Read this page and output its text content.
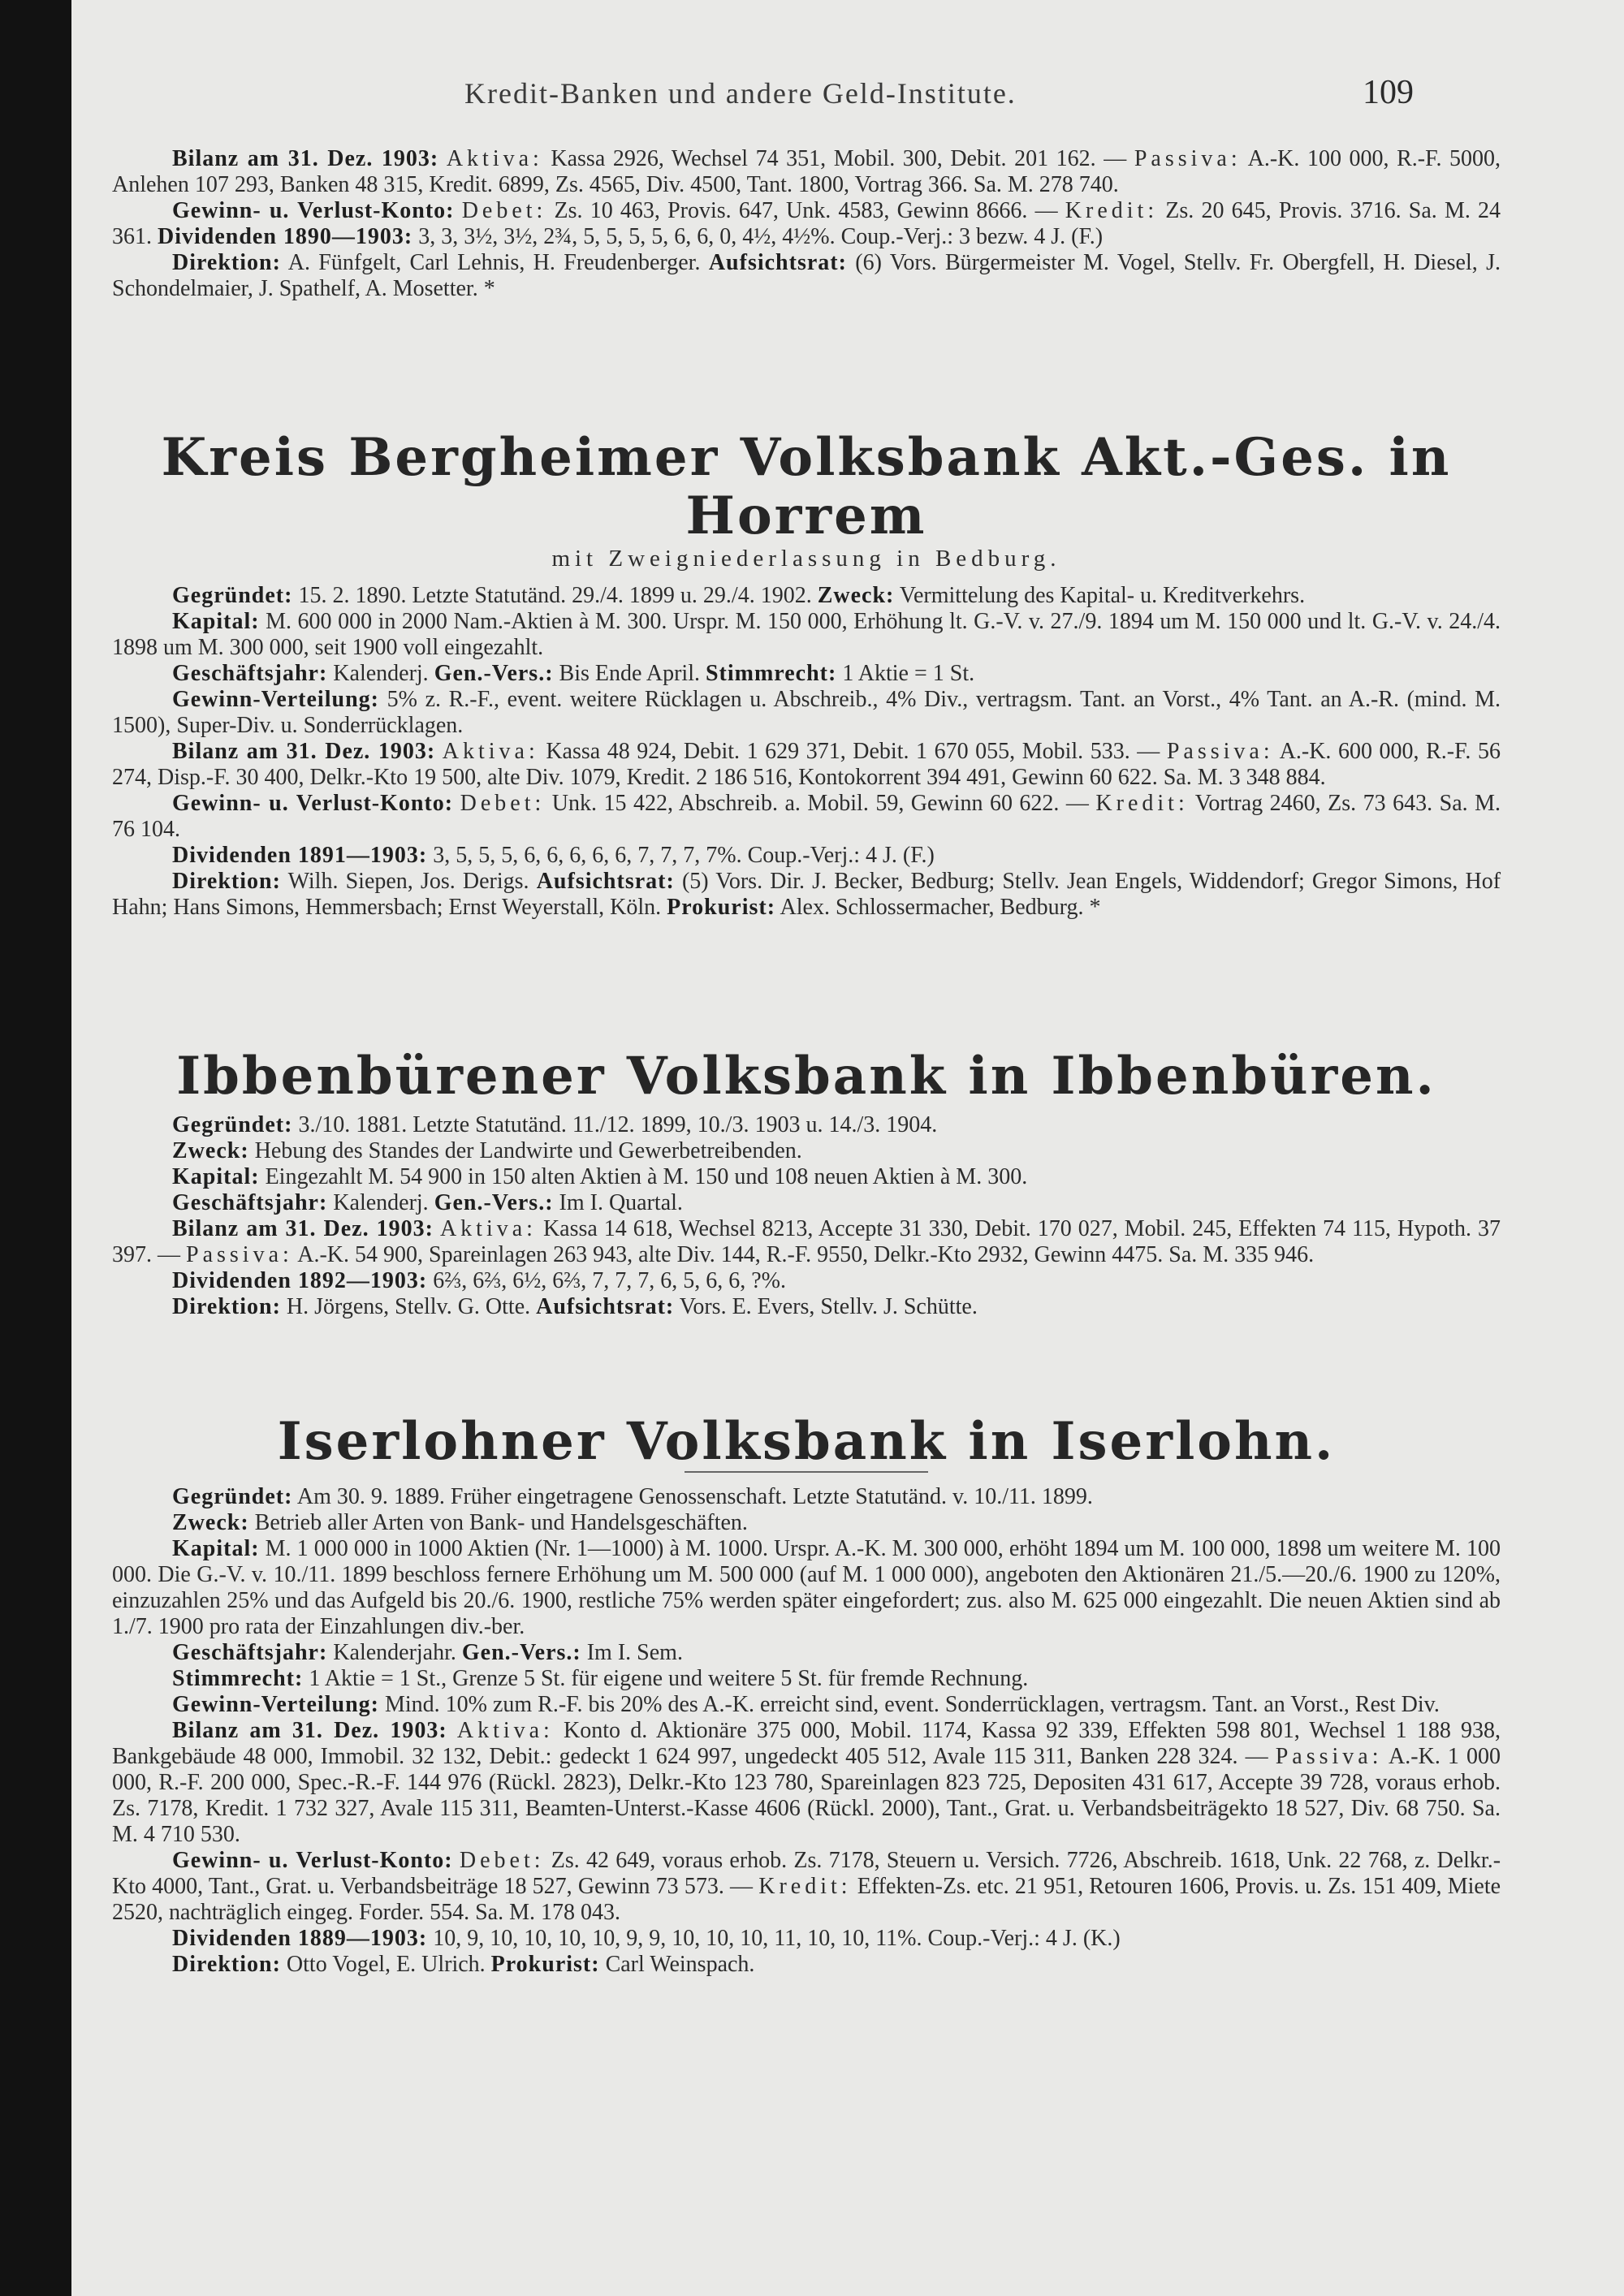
Kredit-Banken und andere Geld-Institute.	109

Bilanz am 31. Dez. 1903: Aktiva: Kassa 2926, Wechsel 74 351, Mobil. 300, Debit. 201 162. — Passiva: A.-K. 100 000, R.-F. 5000, Anlehen 107 293, Banken 48 315, Kredit. 6899, Zs. 4565, Div. 4500, Tant. 1800, Vortrag 366. Sa. M. 278 740.

Gewinn- u. Verlust-Konto: Debet: Zs. 10 463, Provis. 647, Unk. 4583, Gewinn 8666. — Kredit: Zs. 20 645, Provis. 3716. Sa. M. 24 361. Dividenden 1890—1903: 3, 3, 3½, 3½, 2¾, 5, 5, 5, 5, 6, 6, 0, 4½, 4½%. Coup.-Verj.: 3 bezw. 4 J. (F.)

Direktion: A. Fünfgelt, Carl Lehnis, H. Freudenberger. Aufsichtsrat: (6) Vors. Bürgermeister M. Vogel, Stellv. Fr. Obergfell, H. Diesel, J. Schondelmaier, J. Spathelf, A. Mosetter. *

Kreis Bergheimer Volksbank Akt.-Ges. in Horrem

mit Zweigniederlassung in Bedburg.

Gegründet: 15. 2. 1890. Letzte Statutänd. 29./4. 1899 u. 29./4. 1902. Zweck: Vermittelung des Kapital- u. Kreditverkehrs.

Kapital: M. 600 000 in 2000 Nam.-Aktien à M. 300. Urspr. M. 150 000, Erhöhung lt. G.-V. v. 27./9. 1894 um M. 150 000 und lt. G.-V. v. 24./4. 1898 um M. 300 000, seit 1900 voll eingezahlt.

Geschäftsjahr: Kalenderj. Gen.-Vers.: Bis Ende April. Stimmrecht: 1 Aktie = 1 St.

Gewinn-Verteilung: 5% z. R.-F., event. weitere Rücklagen u. Abschreib., 4% Div., vertragsm. Tant. an Vorst., 4% Tant. an A.-R. (mind. M. 1500), Super-Div. u. Sonderrücklagen.

Bilanz am 31. Dez. 1903: Aktiva: Kassa 48 924, Debit. 1 629 371, Debit. 1 670 055, Mobil. 533. — Passiva: A.-K. 600 000, R.-F. 56 274, Disp.-F. 30 400, Delkr.-Kto 19 500, alte Div. 1079, Kredit. 2 186 516, Kontokorrent 394 491, Gewinn 60 622. Sa. M. 3 348 884.

Gewinn- u. Verlust-Konto: Debet: Unk. 15 422, Abschreib. a. Mobil. 59, Gewinn 60 622. — Kredit: Vortrag 2460, Zs. 73 643. Sa. M. 76 104.

Dividenden 1891—1903: 3, 5, 5, 5, 6, 6, 6, 6, 6, 7, 7, 7, 7%. Coup.-Verj.: 4 J. (F.)

Direktion: Wilh. Siepen, Jos. Derigs. Aufsichtsrat: (5) Vors. Dir. J. Becker, Bedburg; Stellv. Jean Engels, Widdendorf; Gregor Simons, Hof Hahn; Hans Simons, Hemmersbach; Ernst Weyerstall, Köln. Prokurist: Alex. Schlossermacher, Bedburg. *

Ibbenbürener Volksbank in Ibbenbüren.

Gegründet: 3./10. 1881. Letzte Statutänd. 11./12. 1899, 10./3. 1903 u. 14./3. 1904.

Zweck: Hebung des Standes der Landwirte und Gewerbetreibenden.

Kapital: Eingezahlt M. 54 900 in 150 alten Aktien à M. 150 und 108 neuen Aktien à M. 300.

Geschäftsjahr: Kalenderj. Gen.-Vers.: Im I. Quartal.

Bilanz am 31. Dez. 1903: Aktiva: Kassa 14 618, Wechsel 8213, Accepte 31 330, Debit. 170 027, Mobil. 245, Effekten 74 115, Hypoth. 37 397. — Passiva: A.-K. 54 900, Spareinlagen 263 943, alte Div. 144, R.-F. 9550, Delkr.-Kto 2932, Gewinn 4475. Sa. M. 335 946.

Dividenden 1892—1903: 6⅔, 6⅔, 6½, 6⅔, 7, 7, 7, 6, 5, 6, 6, ?%.

Direktion: H. Jörgens, Stellv. G. Otte. Aufsichtsrat: Vors. E. Evers, Stellv. J. Schütte.

Iserlohner Volksbank in Iserlohn.

Gegründet: Am 30. 9. 1889. Früher eingetragene Genossenschaft. Letzte Statutänd. v. 10./11. 1899.

Zweck: Betrieb aller Arten von Bank- und Handelsgeschäften.

Kapital: M. 1 000 000 in 1000 Aktien (Nr. 1—1000) à M. 1000. Urspr. A.-K. M. 300 000, erhöht 1894 um M. 100 000, 1898 um weitere M. 100 000. Die G.-V. v. 10./11. 1899 beschloss fernere Erhöhung um M. 500 000 (auf M. 1 000 000), angeboten den Aktionären 21./5.—20./6. 1900 zu 120%, einzuzahlen 25% und das Aufgeld bis 20./6. 1900, restliche 75% werden später eingefordert; zus. also M. 625 000 eingezahlt. Die neuen Aktien sind ab 1./7. 1900 pro rata der Einzahlungen div.-ber.

Geschäftsjahr: Kalenderjahr. Gen.-Vers.: Im I. Sem.

Stimmrecht: 1 Aktie = 1 St., Grenze 5 St. für eigene und weitere 5 St. für fremde Rechnung.

Gewinn-Verteilung: Mind. 10% zum R.-F. bis 20% des A.-K. erreicht sind, event. Sonderrücklagen, vertragsm. Tant. an Vorst., Rest Div.

Bilanz am 31. Dez. 1903: Aktiva: Konto d. Aktionäre 375 000, Mobil. 1174, Kassa 92 339, Effekten 598 801, Wechsel 1 188 938, Bankgebäude 48 000, Immobil. 32 132, Debit.: gedeckt 1 624 997, ungedeckt 405 512, Avale 115 311, Banken 228 324. — Passiva: A.-K. 1 000 000, R.-F. 200 000, Spec.-R.-F. 144 976 (Rückl. 2823), Delkr.-Kto 123 780, Spareinlagen 823 725, Depositen 431 617, Accepte 39 728, voraus erhob. Zs. 7178, Kredit. 1 732 327, Avale 115 311, Beamten-Unterst.-Kasse 4606 (Rückl. 2000), Tant., Grat. u. Verbandsbeiträgekto 18 527, Div. 68 750. Sa. M. 4 710 530.

Gewinn- u. Verlust-Konto: Debet: Zs. 42 649, voraus erhob. Zs. 7178, Steuern u. Versich. 7726, Abschreib. 1618, Unk. 22 768, z. Delkr.-Kto 4000, Tant., Grat. u. Verbandsbeiträge 18 527, Gewinn 73 573. — Kredit: Effekten-Zs. etc. 21 951, Retouren 1606, Provis. u. Zs. 151 409, Miete 2520, nachträglich eingeg. Forder. 554. Sa. M. 178 043.

Dividenden 1889—1903: 10, 9, 10, 10, 10, 10, 9, 9, 10, 10, 10, 11, 10, 10, 11%. Coup.-Verj.: 4 J. (K.)

Direktion: Otto Vogel, E. Ulrich. Prokurist: Carl Weinspach.
